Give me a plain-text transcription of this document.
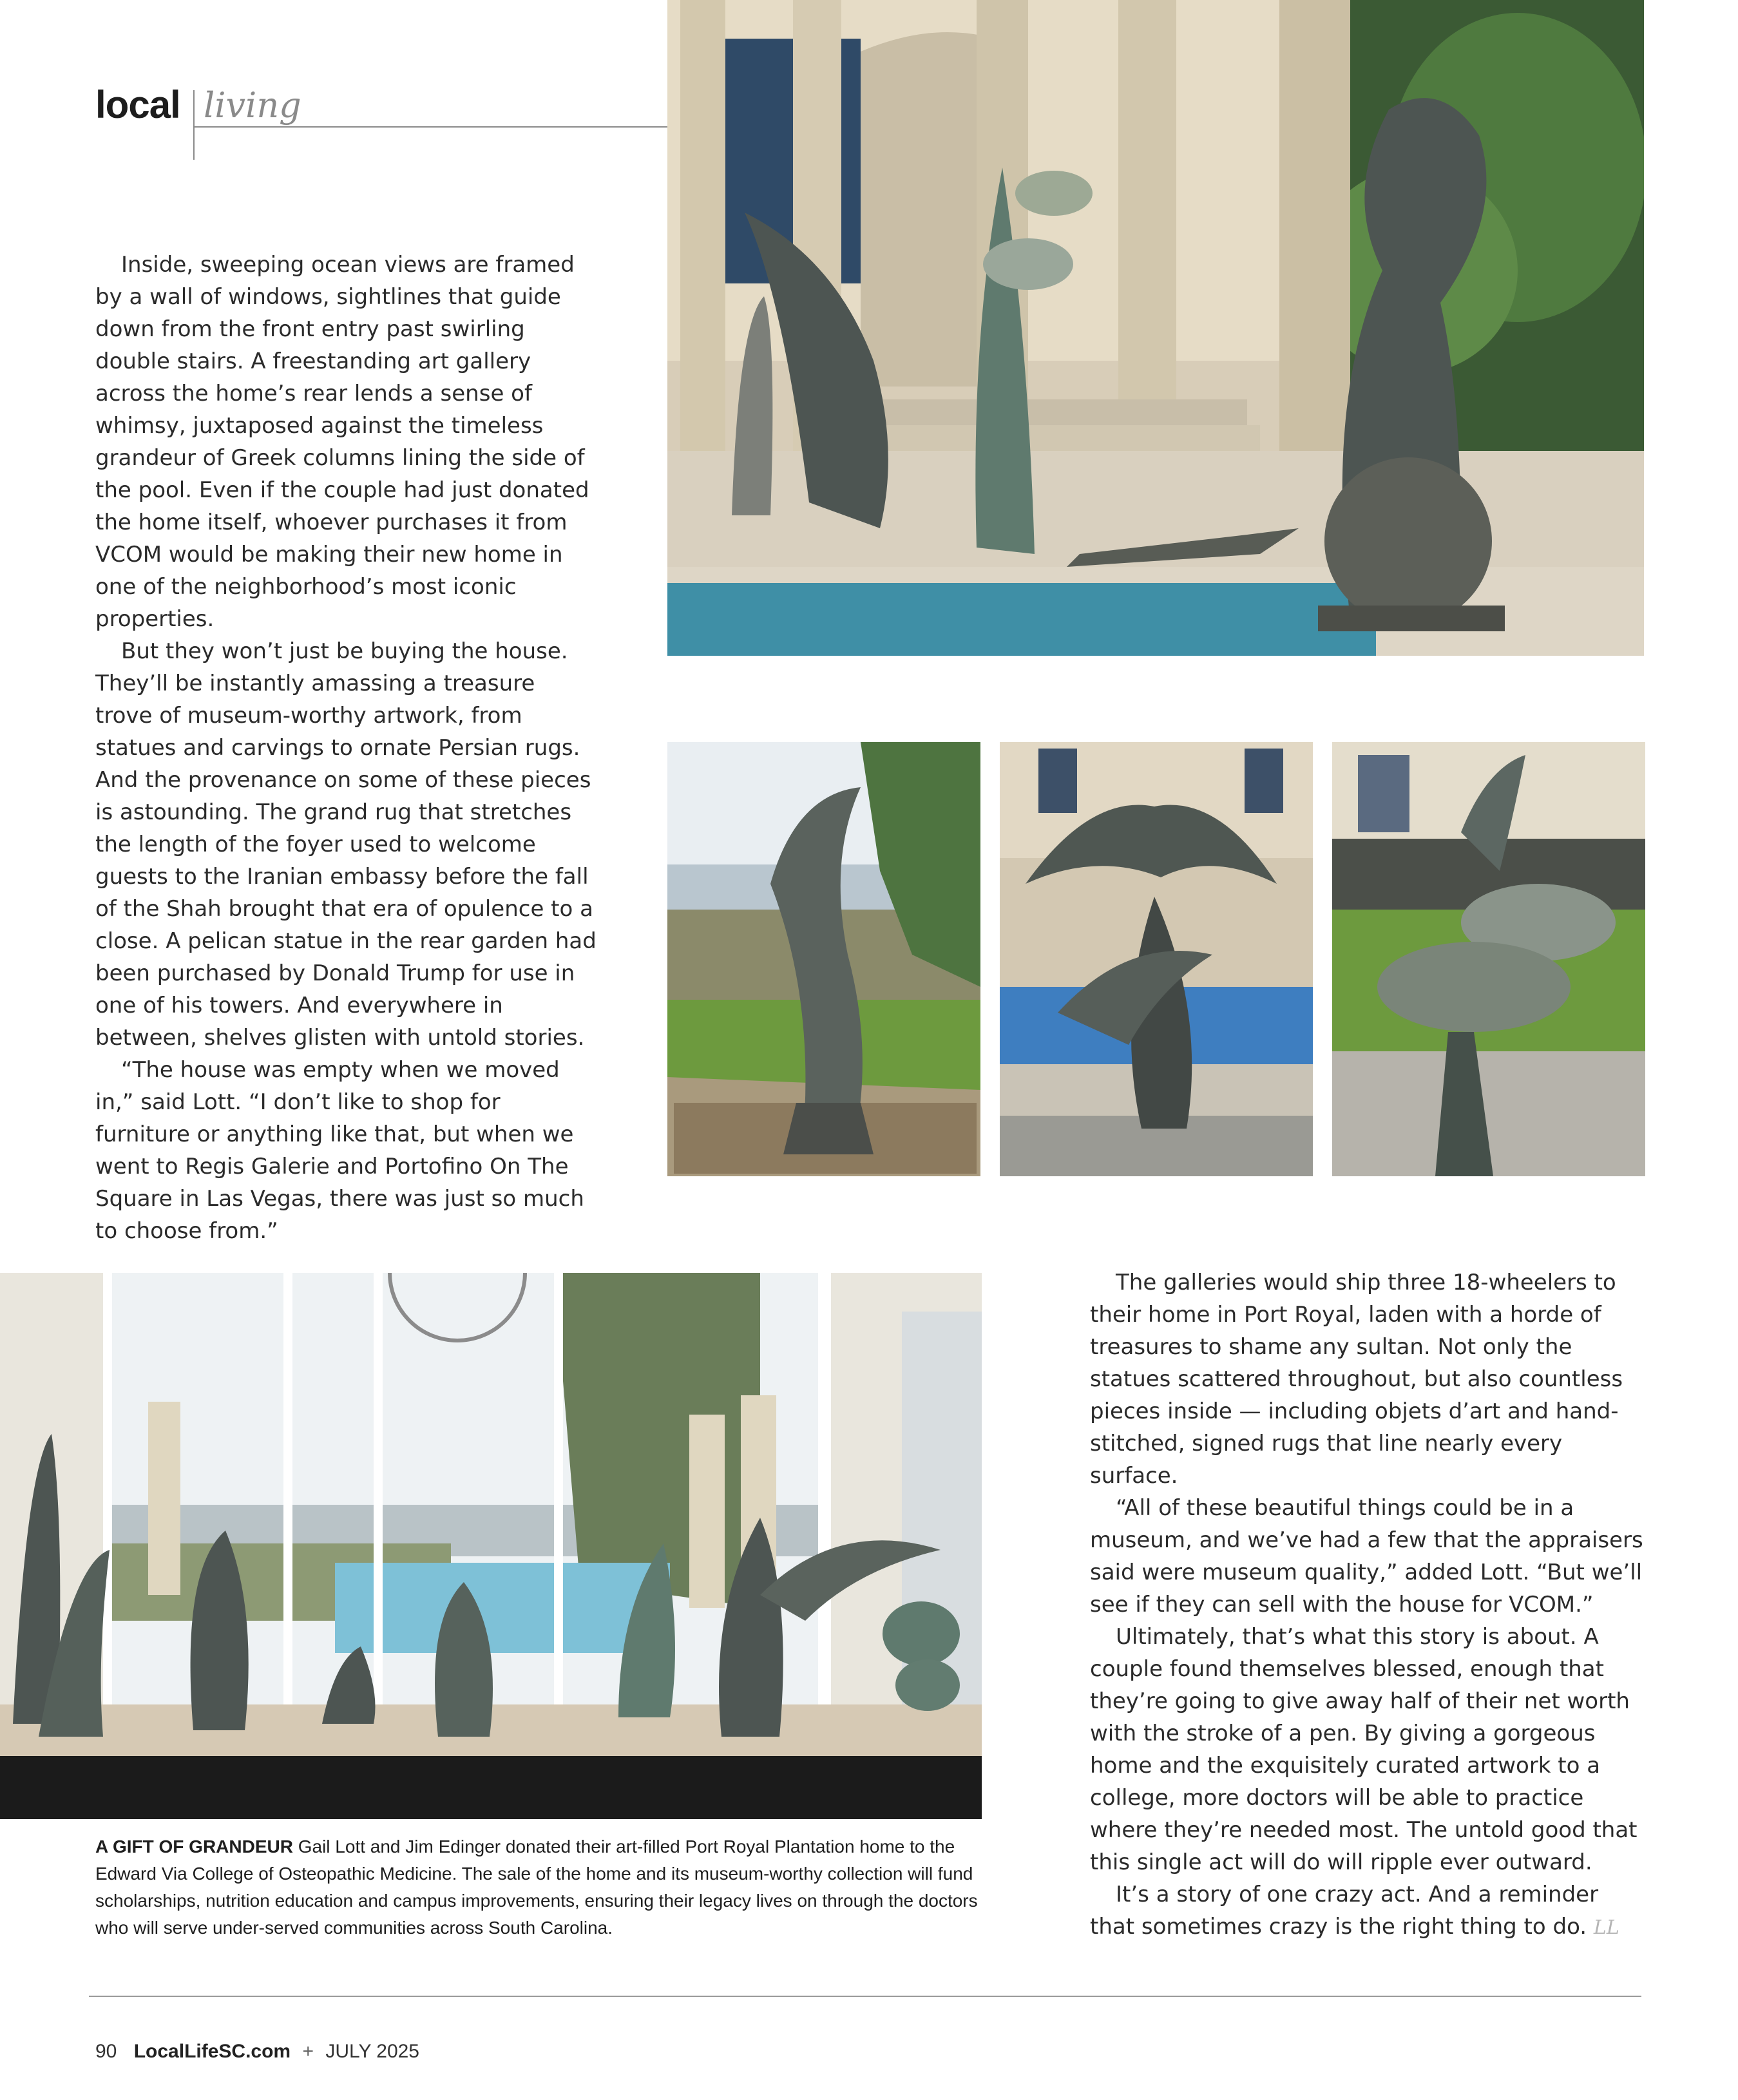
local living

Inside, sweeping ocean views are framed by a wall of windows, sightlines that guide down from the front entry past swirling double stairs. A freestanding art gallery across the home’s rear lends a sense of whimsy, juxtaposed against the timeless grandeur of Greek columns lining the side of the pool. Even if the couple had just donated the home itself, whoever purchases it from VCOM would be making their new home in one of the neighborhood’s most iconic properties.

But they won’t just be buying the house. They’ll be instantly amassing a treasure trove of museum-worthy artwork, from statues and carvings to ornate Persian rugs. And the provenance on some of these pieces is astounding. The grand rug that stretches the length of the foyer used to welcome guests to the Iranian embassy before the fall of the Shah brought that era of opulence to a close. A pelican statue in the rear garden had been purchased by Donald Trump for use in one of his towers. And everywhere in between, shelves glisten with untold stories.

“The house was empty when we moved in,” said Lott. “I don’t like to shop for furniture or anything like that, but when we went to Regis Galerie and Portofino On The Square in Las Vegas, there was just so much to choose from.”

A GIFT OF GRANDEUR Gail Lott and Jim Edinger donated their art-filled Port Royal Plantation home to the Edward Via College of Osteopathic Medicine. The sale of the home and its museum-worthy collection will fund scholarships, nutrition education and campus improvements, ensuring their legacy lives on through the doctors who will serve under-served communities across South Carolina.

The galleries would ship three 18-wheelers to their home in Port Royal, laden with a horde of treasures to shame any sultan. Not only the statues scattered throughout, but also countless pieces inside — including objets d’art and hand-stitched, signed rugs that line nearly every surface.

“All of these beautiful things could be in a museum, and we’ve had a few that the appraisers said were museum quality,” added Lott. “But we’ll see if they can sell with the house for VCOM.”

Ultimately, that’s what this story is about. A couple found themselves blessed, enough that they’re going to give away half of their net worth with the stroke of a pen. By giving a gorgeous home and the exquisitely curated artwork to a college, more doctors will be able to practice where they’re needed most. The untold good that this single act will do will ripple ever outward.

It’s a story of one crazy act. And a reminder that sometimes crazy is the right thing to do. LL

90 LocalLifeSC.com + JULY 2025
